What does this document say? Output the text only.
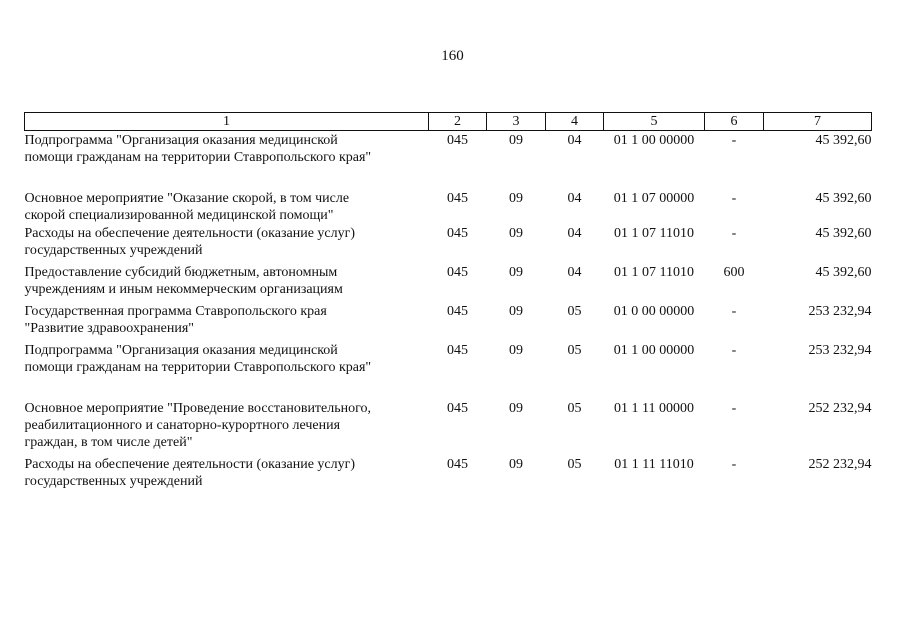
160
1	2	3	4	5	6	7

Подпрограмма "Организация оказания медицинской
помощи гражданам на территории Ставропольского края"	045	09	04	01 1 00 00000	-	45 392,60

Основное мероприятие "Оказание скорой, в том числе
скорой специализированной медицинской помощи"	045	09	04	01 1 07 00000	-	45 392,60

Расходы на обеспечение деятельности (оказание услуг)
государственных учреждений	045	09	04	01 1 07 11010	-	45 392,60

Предоставление субсидий бюджетным, автономным
учреждениям и иным некоммерческим организациям	045	09	04	01 1 07 11010	600	45 392,60

Государственная программа Ставропольского края
"Развитие здравоохранения"	045	09	05	01 0 00 00000	-	253 232,94

Подпрограмма "Организация оказания медицинской
помощи гражданам на территории Ставропольского края"	045	09	05	01 1 00 00000	-	253 232,94

Основное мероприятие "Проведение восстановительного,
реабилитационного и санаторно-курортного лечения
граждан, в том числе детей"	045	09	05	01 1 11 00000	-	252 232,94

Расходы на обеспечение деятельности (оказание услуг)
государственных учреждений	045	09	05	01 1 11 11010	-	252 232,94
